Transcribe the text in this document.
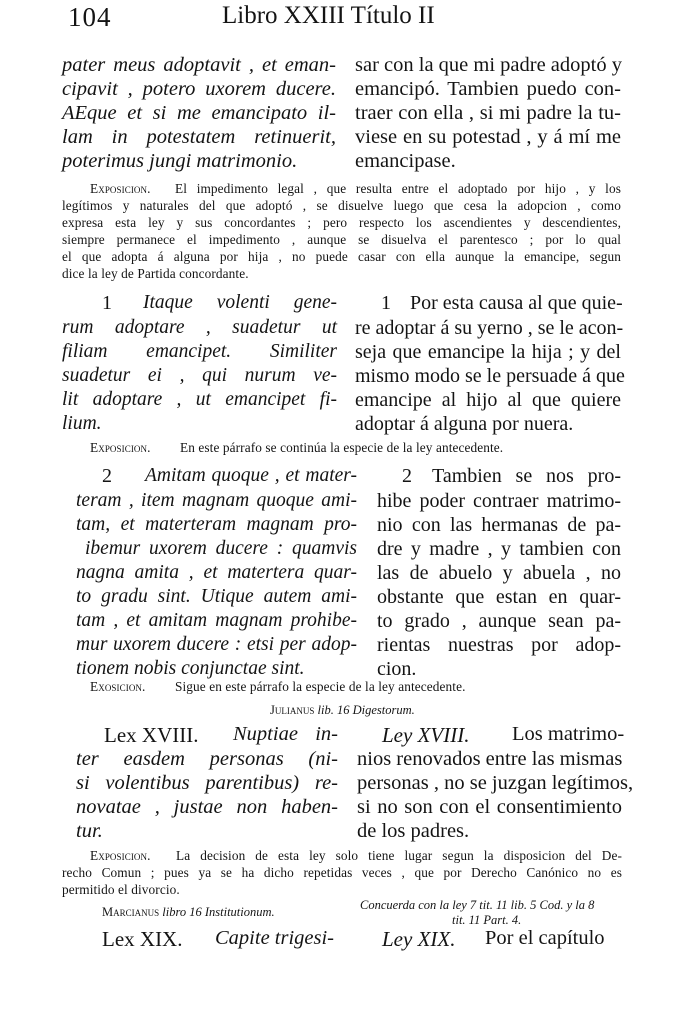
104	Libro XXIII Título II
pater meus adoptavit , et eman-
cipavit , potero uxorem ducere.
AEque et si me emancipato il-
lam in potestatem retinuerit,
poterimus jungi matrimonio.
sar con la que mi padre adoptó y
emancipó. Tambien puedo con-
traer con ella , si mi padre la tu-
viese en su potestad , y á mí me
emancipase.
Exposicion. El impedimento legal , que resulta entre el adoptado por hijo , y los
legítimos y naturales del que adoptó , se disuelve luego que cesa la adopcion , como
expresa esta ley y sus concordantes ; pero respecto los ascendientes y descendientes,
siempre permanece el impedimento , aunque se disuelva el parentesco ; por lo qual
el que adopta á alguna por hija , no puede casar con ella aunque la emancipe, segun
dice la ley de Partida concordante.
1 Itaque volenti gene-
rum adoptare , suadetur ut
filiam emancipet. Similiter
suadetur ei , qui nurum ve-
lit adoptare , ut emancipet fi-
lium.
1 Por esta causa al que quie-
re adoptar á su yerno , se le acon-
seja que emancipe la hija ; y del
mismo modo se le persuade á que
emancipe al hijo al que quiere
adoptar á alguna por nuera.
Exposicion. En este párrafo se continúa la especie de la ley antecedente.
2 Amitam quoque , et mater-
teram , item magnam quoque ami-
tam, et materteram magnam pro-
ibemur uxorem ducere : quamvis
nagna amita , et matertera quar-
to gradu sint. Utique autem ami-
tam , et amitam magnam prohibe-
mur uxorem ducere : etsi per adop-
tionem nobis conjunctae sint.
2 Tambien se nos pro-
hibe poder contraer matrimo-
nio con las hermanas de pa-
dre y madre , y tambien con
las de abuelo y abuela , no
obstante que estan en quar-
to grado , aunque sean pa-
rientas nuestras por adop-
cion.
Exosicion. Sigue en este párrafo la especie de la ley antecedente.
Julianus lib. 16 Digestorum.
Lex XVIII. Nuptiae in-
ter easdem personas (ni-
si volentibus parentibus) re-
novatae , justae non haben-
tur.
Ley XVIII. Los matrimo-
nios renovados entre las mismas
personas , no se juzgan legítimos,
si no son con el consentimiento
de los padres.
Exposicion. La decision de esta ley solo tiene lugar segun la disposicion del De-
recho Comun ; pues ya se ha dicho repetidas veces , que por Derecho Canónico no es
permitido el divorcio.
Marcianus libro 16 Institutionum.	Concuerda con la ley 7 tit. 11 lib. 5 Cod. y la 8
tit. 11 Part. 4.
Lex XIX. Capite trigesi- Ley XIX. Por el capítulo
